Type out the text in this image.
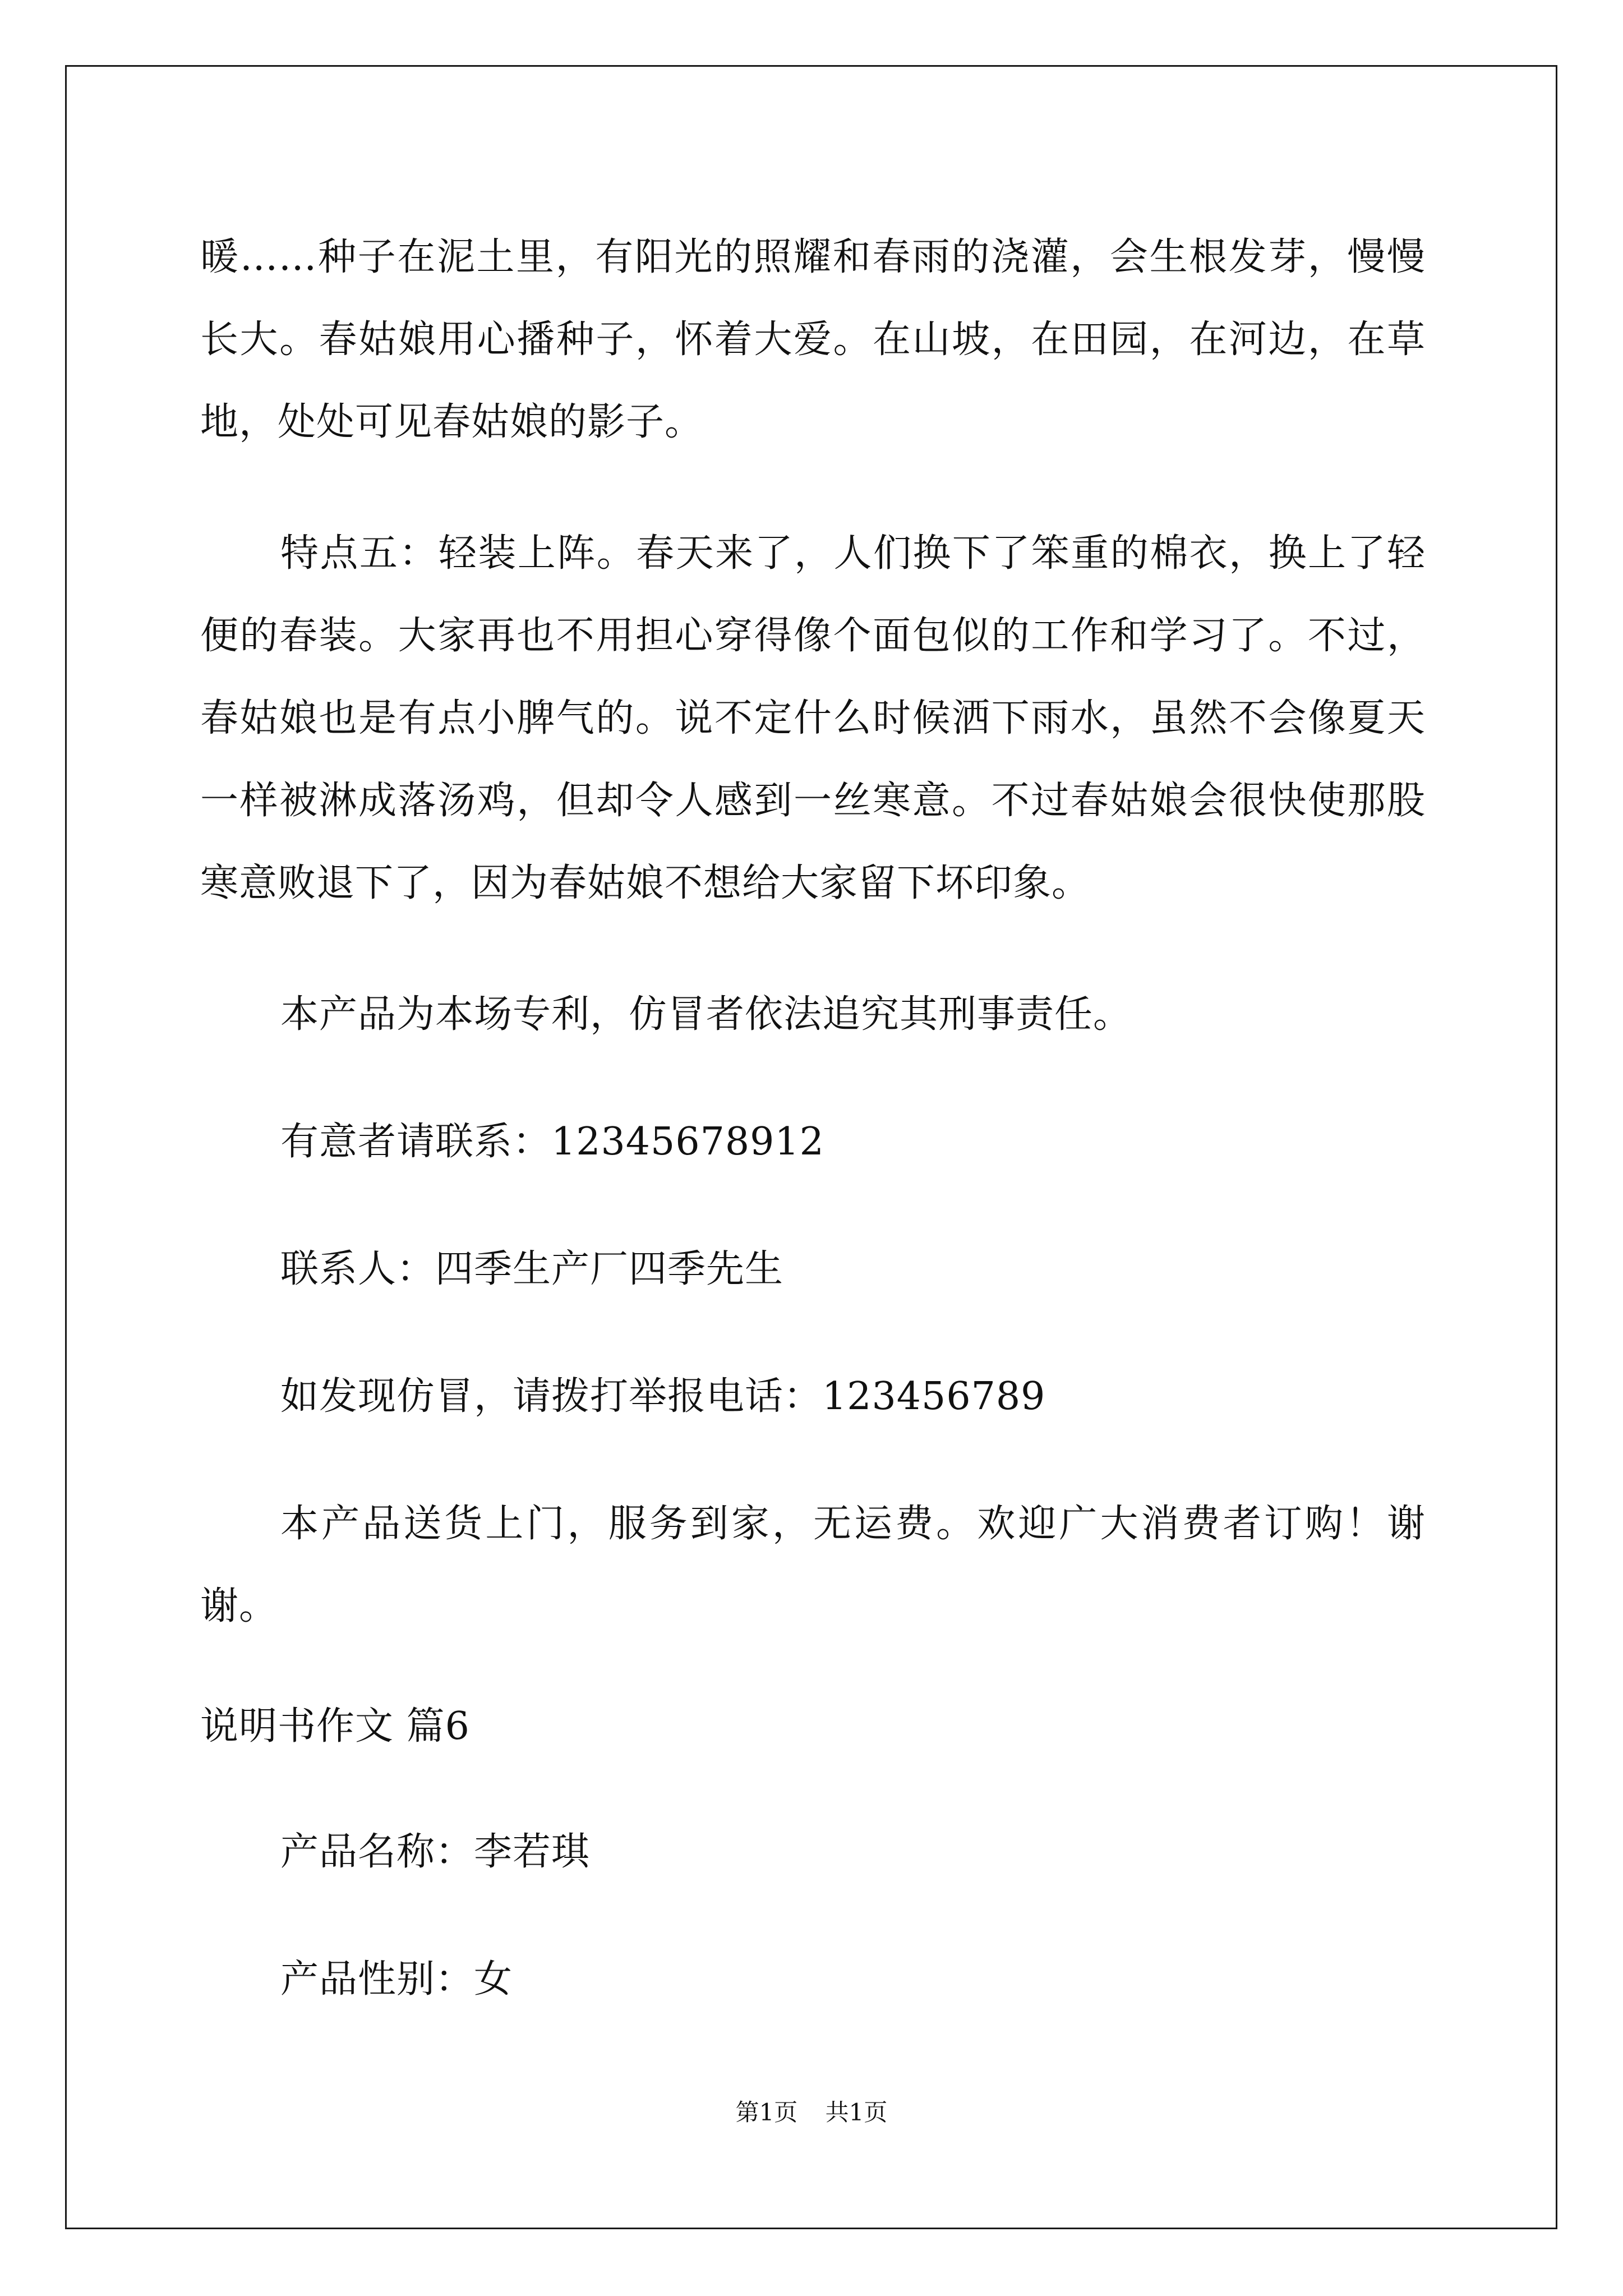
暖……种子在泥土里，有阳光的照耀和春雨的浇灌，会生根发芽，慢慢长大。春姑娘用心播种子，怀着大爱。在山坡，在田园，在河边，在草地，处处可见春姑娘的影子。

特点五：轻装上阵。春天来了，人们换下了笨重的棉衣，换上了轻便的春装。大家再也不用担心穿得像个面包似的工作和学习了。不过，春姑娘也是有点小脾气的。说不定什么时候洒下雨水，虽然不会像夏天一样被淋成落汤鸡，但却令人感到一丝寒意。不过春姑娘会很快使那股寒意败退下了，因为春姑娘不想给大家留下坏印象。

本产品为本场专利，仿冒者依法追究其刑事责任。

有意者请联系：12345678912

联系人：四季生产厂四季先生

如发现仿冒，请拨打举报电话：123456789

本产品送货上门，服务到家，无运费。欢迎广大消费者订购！谢谢。

说明书作文 篇6

产品名称：李若琪

产品性别：女

第1页 共1页
